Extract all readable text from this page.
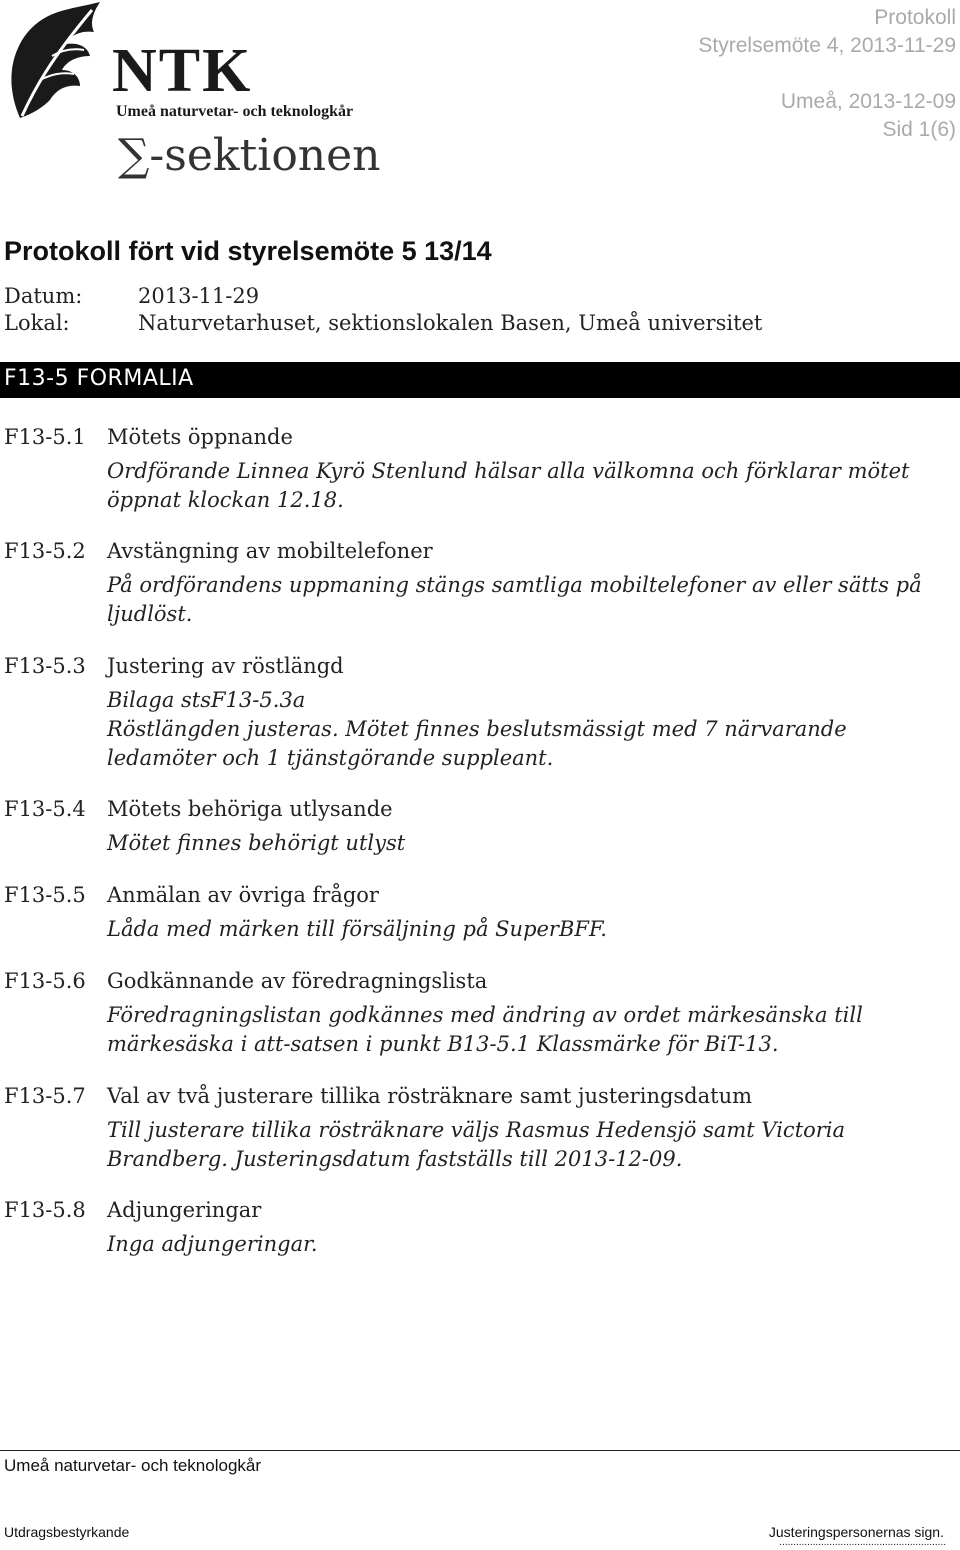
NTK
Umeå naturvetar- och teknologkår
∑-sektionen
Protokoll
Styrelsemöte 4, 2013-11-29
Umeå, 2013-12-09
Sid 1(6)
Protokoll fört vid styrelsemöte 5 13/14
Datum:	2013-11-29
Lokal:	Naturvetarhuset, sektionslokalen Basen, Umeå universitet
F13-5 FORMALIA
F13-5.1 Mötets öppnande
Ordförande Linnea Kyrö Stenlund hälsar alla välkomna och förklarar mötet
öppnat klockan 12.18.
F13-5.2 Avstängning av mobiltelefoner
På ordförandens uppmaning stängs samtliga mobiltelefoner av eller sätts på
ljudlöst.
F13-5.3 Justering av röstlängd
Bilaga stsF13-5.3a
Röstlängden justeras. Mötet finnes beslutsmässigt med 7 närvarande
ledamöter och 1 tjänstgörande suppleant.
F13-5.4 Mötets behöriga utlysande
Mötet finnes behörigt utlyst
F13-5.5 Anmälan av övriga frågor
Låda med märken till försäljning på SuperBFF.
F13-5.6 Godkännande av föredragningslista
Föredragningslistan godkännes med ändring av ordet märkesänska till
märkesäska i att-satsen i punkt B13-5.1 Klassmärke för BiT-13.
F13-5.7 Val av två justerare tillika rösträknare samt justeringsdatum
Till justerare tillika rösträknare väljs Rasmus Hedensjö samt Victoria
Brandberg. Justeringsdatum fastställs till 2013-12-09.
F13-5.8 Adjungeringar
Inga adjungeringar.
Umeå naturvetar- och teknologkår
Utdragsbestyrkande	Justeringspersonernas sign.
............................................................
